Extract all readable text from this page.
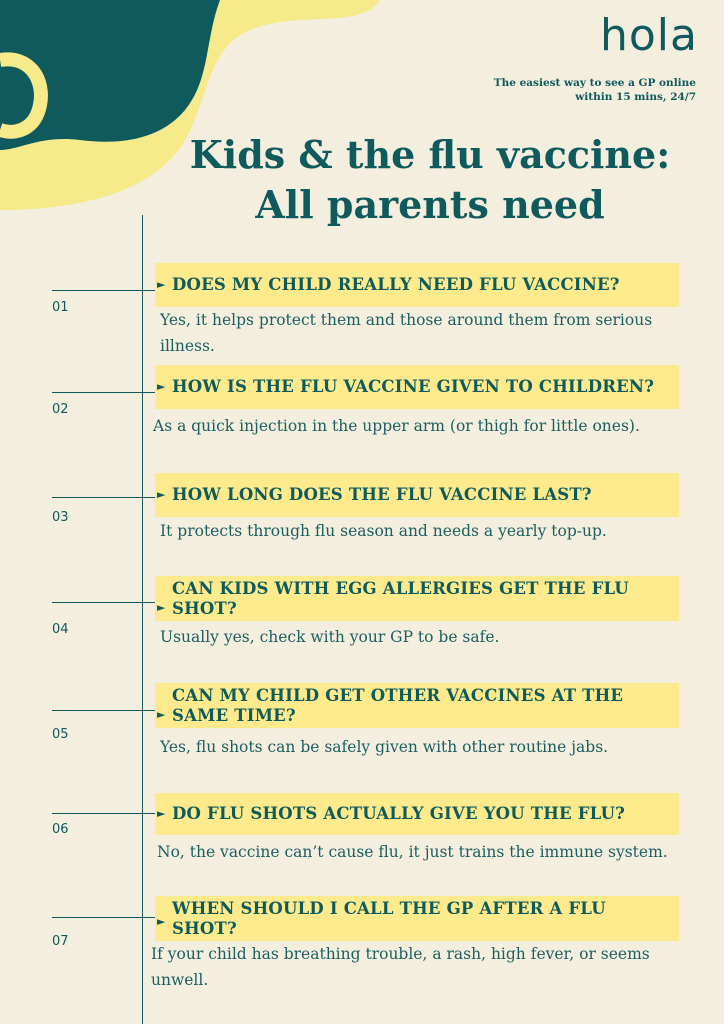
hola
The easiest way to see a GP online within 15 mins, 24/7
Kids & the flu vaccine:
All parents need
01
► DOES MY CHILD REALLY NEED FLU VACCINE?
Yes, it helps protect them and those around them from serious illness.
02
► HOW IS THE FLU VACCINE GIVEN TO CHILDREN?
As a quick injection in the upper arm (or thigh for little ones).
03
► HOW LONG DOES THE FLU VACCINE LAST?
It protects through flu season and needs a yearly top-up.
04
►
CAN KIDS WITH EGG ALLERGIES GET THE FLU SHOT?
Usually yes, check with your GP to be safe.
05
►
CAN MY CHILD GET OTHER VACCINES AT THE SAME TIME?
Yes, flu shots can be safely given with other routine jabs.
06
► DO FLU SHOTS ACTUALLY GIVE YOU THE FLU?
No, the vaccine can’t cause flu, it just trains the immune system.
07
►
WHEN SHOULD I CALL THE GP AFTER A FLU SHOT?
If your child has breathing trouble, a rash, high fever, or seems unwell.
